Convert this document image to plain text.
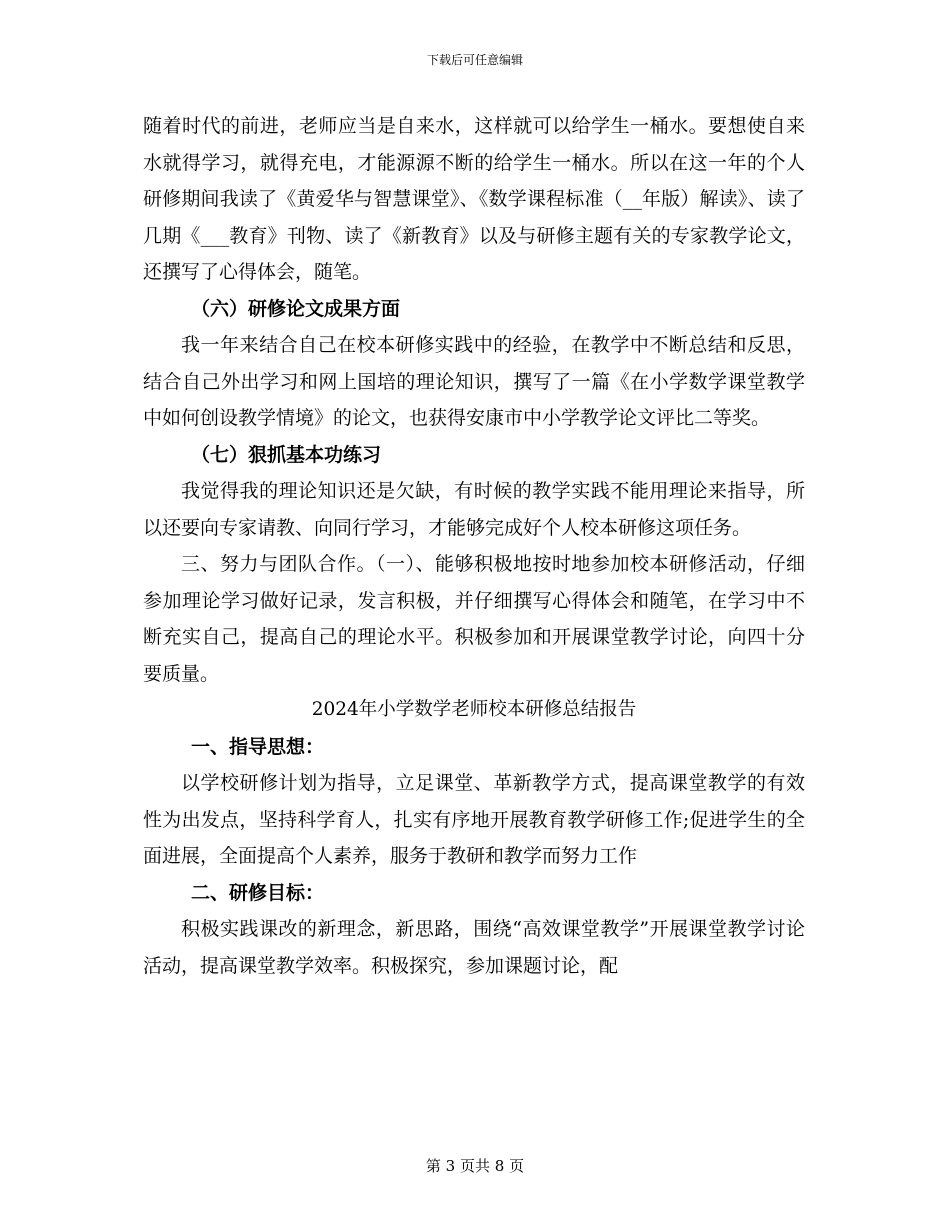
下载后可任意编辑

随着时代的前进，老师应当是自来水，这样就可以给学生一桶水。要想使自来水就得学习，就得充电，才能源源不断的给学生一桶水。所以在这一年的个人研修期间我读了《黄爱华与智慧课堂》、《数学课程标准（__年版）解读》、读了几期《___教育》刊物、读了《新教育》以及与研修主题有关的专家教学论文，还撰写了心得体会，随笔。

（六）研修论文成果方面

我一年来结合自己在校本研修实践中的经验，在教学中不断总结和反思，结合自己外出学习和网上国培的理论知识，撰写了一篇《在小学数学课堂教学中如何创设教学情境》的论文，也获得安康市中小学教学论文评比二等奖。

（七）狠抓基本功练习

我觉得我的理论知识还是欠缺，有时候的教学实践不能用理论来指导，所以还要向专家请教、向同行学习，才能够完成好个人校本研修这项任务。

三、努力与团队合作。（一）、能够积极地按时地参加校本研修活动，仔细参加理论学习做好记录，发言积极，并仔细撰写心得体会和随笔，在学习中不断充实自己，提高自己的理论水平。积极参加和开展课堂教学讨论，向四十分要质量。

2024年小学数学老师校本研修总结报告

一、指导思想：

以学校研修计划为指导，立足课堂、革新教学方式，提高课堂教学的有效性为出发点，坚持科学育人，扎实有序地开展教育教学研修工作;促进学生的全面进展，全面提高个人素养，服务于教研和教学而努力工作

二、研修目标：

积极实践课改的新理念，新思路，围绕“高效课堂教学”开展课堂教学讨论活动，提高课堂教学效率。积极探究，参加课题讨论，配

第 3 页共 8 页
